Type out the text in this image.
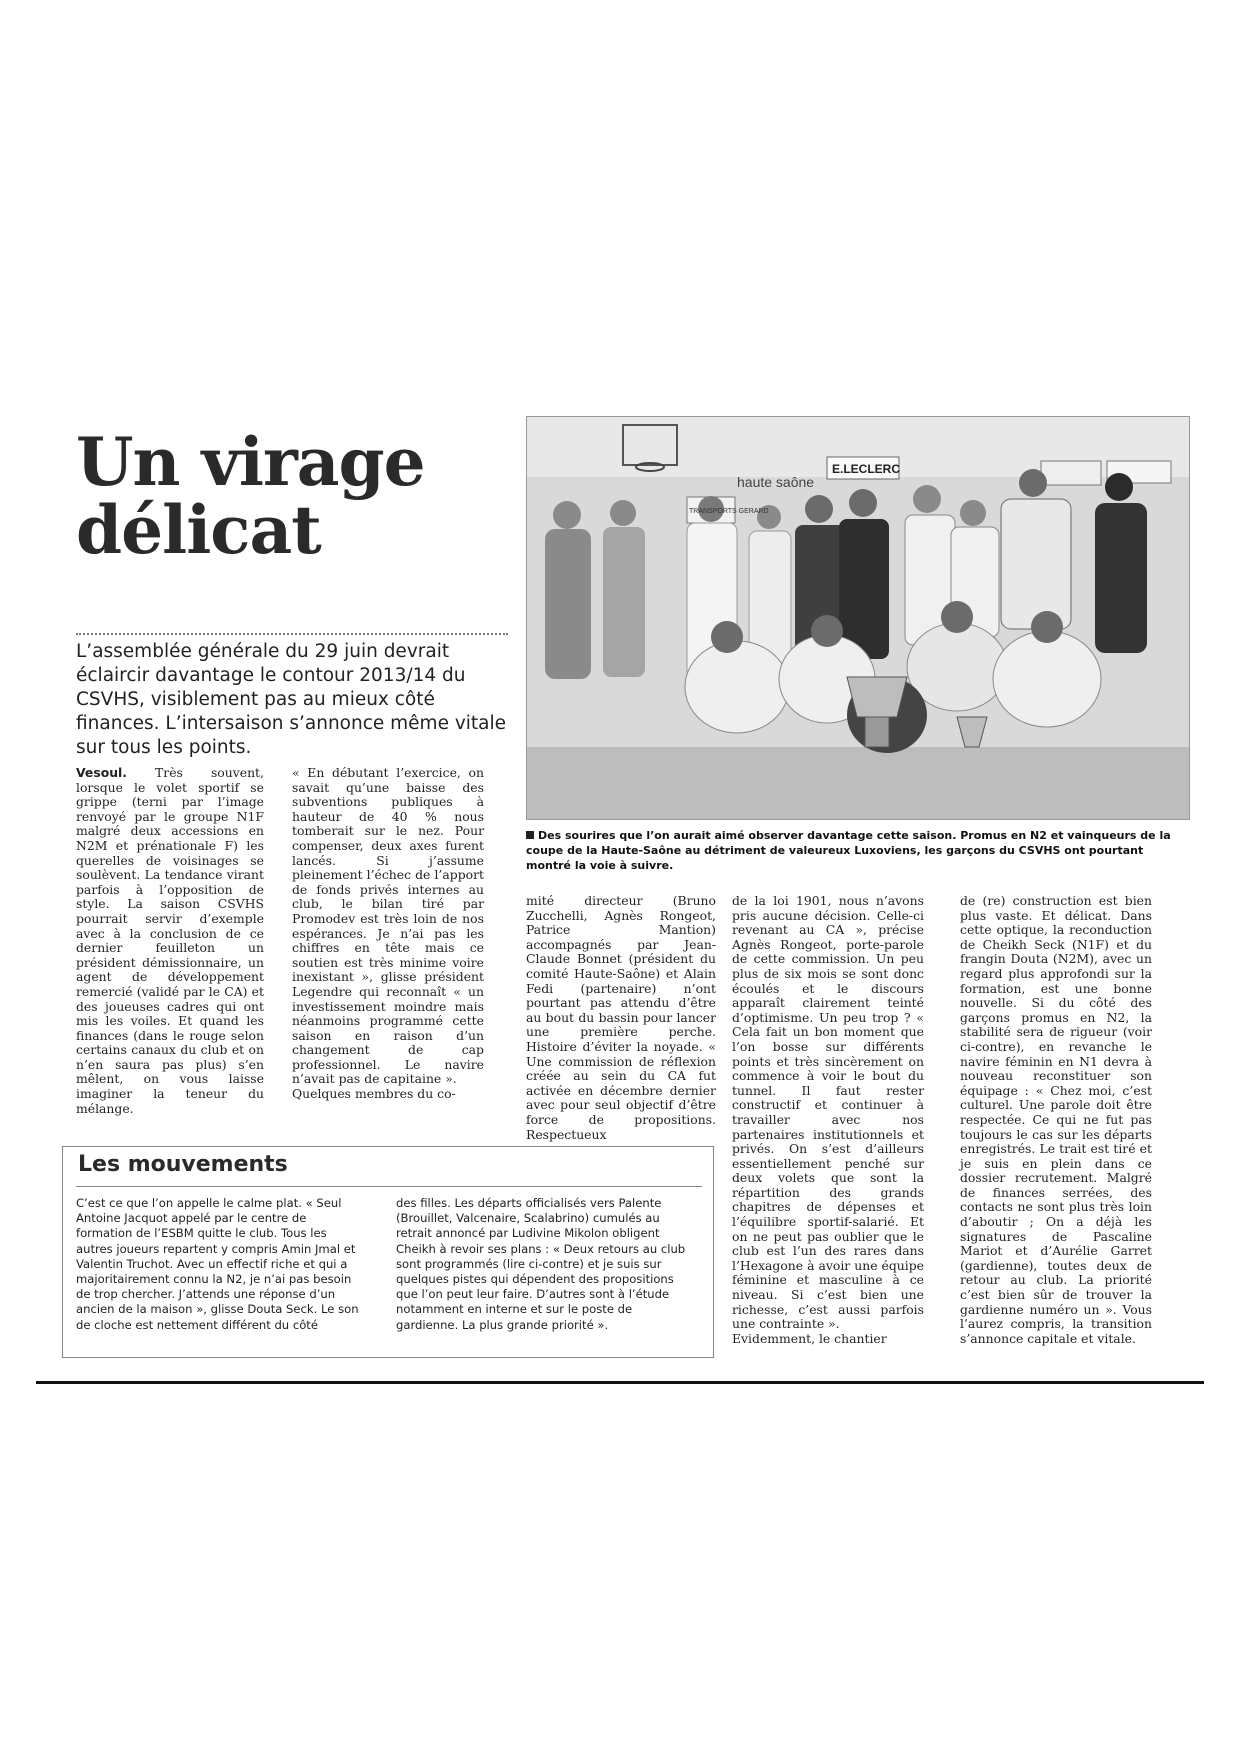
Un virage
délicat
L’assemblée générale du 29 juin devrait éclaircir davantage le contour 2013/14 du CSVHS, visiblement pas au mieux côté finances. L’intersaison s’annonce même vitale sur tous les points.
Vesoul. Très souvent, lorsque le volet sportif se grippe (terni par l’image renvoyé par le groupe N1F malgré deux accessions en N2M et prénationale F) les querelles de voisinages se soulèvent. La tendance virant parfois à l’opposition de style. La saison CSVHS pourrait servir d’exemple avec à la conclusion de ce dernier feuilleton un président démissionnaire, un agent de développement remercié (validé par le CA) et des joueuses cadres qui ont mis les voiles. Et quand les finances (dans le rouge selon certains canaux du club et on n’en saura pas plus) s’en mêlent, on vous laisse imaginer la teneur du mélange.
« En débutant l’exercice, on savait qu’une baisse des subventions publiques à hauteur de 40 % nous tomberait sur le nez. Pour compenser, deux axes furent lancés. Si j’assume pleinement l’échec de l’apport de fonds privés internes au club, le bilan tiré par Promodev est très loin de nos espérances. Je n’ai pas les chiffres en tête mais ce soutien est très minime voire inexistant », glisse président Legendre qui reconnaît « un investissement moindre mais néanmoins programmé cette saison en raison d’un changement de cap professionnel. Le navire n’avait pas de capitaine ».
Quelques membres du co-
E.LECLERC
TRANSPORTS GERARD
haute saône
Des sourires que l’on aurait aimé observer davantage cette saison. Promus en N2 et vainqueurs de la coupe de la Haute-Saône au détriment de valeureux Luxoviens, les garçons du CSVHS ont pourtant montré la voie à suivre.
mité directeur (Bruno Zucchelli, Agnès Rongeot, Patrice Mantion) accompagnés par Jean-Claude Bonnet (président du comité Haute-Saône) et Alain Fedi (partenaire) n’ont pourtant pas attendu d’être au bout du bassin pour lancer une première perche. Histoire d’éviter la noyade. « Une commission de réflexion créée au sein du CA fut activée en décembre dernier avec pour seul objectif d’être force de propositions. Respectueux
de la loi 1901, nous n’avons pris aucune décision. Celle-ci revenant au CA », précise Agnès Rongeot, porte-parole de cette commission. Un peu plus de six mois se sont donc écoulés et le discours apparaît clairement teinté d’optimisme. Un peu trop ? « Cela fait un bon moment que l’on bosse sur différents points et très sincèrement on commence à voir le bout du tunnel. Il faut rester constructif et continuer à travailler avec nos partenaires institutionnels et privés. On s’est d’ailleurs essentiellement penché sur deux volets que sont la répartition des grands chapitres de dépenses et l’équilibre sportif-salarié. Et on ne peut pas oublier que le club est l’un des rares dans l’Hexagone à avoir une équipe féminine et masculine à ce niveau. Si c’est bien une richesse, c’est aussi parfois une contrainte ».
Evidemment, le chantier
de (re) construction est bien plus vaste. Et délicat. Dans cette optique, la reconduction de Cheikh Seck (N1F) et du frangin Douta (N2M), avec un regard plus approfondi sur la formation, est une bonne nouvelle. Si du côté des garçons promus en N2, la stabilité sera de rigueur (voir ci-contre), en revanche le navire féminin en N1 devra à nouveau reconstituer son équipage : « Chez moi, c’est culturel. Une parole doit être respectée. Ce qui ne fut pas toujours le cas sur les départs enregistrés. Le trait est tiré et je suis en plein dans ce dossier recrutement. Malgré de finances serrées, des contacts ne sont plus très loin d’aboutir ; On a déjà les signatures de Pascaline Mariot et d’Aurélie Garret (gardienne), toutes deux de retour au club. La priorité c’est bien sûr de trouver la gardienne numéro un ». Vous l’aurez compris, la transition s’annonce capitale et vitale.
Les mouvements
C’est ce que l’on appelle le calme plat. « Seul Antoine Jacquot appelé par le centre de formation de l’ESBM quitte le club. Tous les autres joueurs repartent y compris Amin Jmal et Valentin Truchot. Avec un effectif riche et qui a majoritairement connu la N2, je n’ai pas besoin de trop chercher. J’attends une réponse d’un ancien de la maison », glisse Douta Seck. Le son de cloche est nettement différent du côté
des filles. Les départs officialisés vers Palente (Brouillet, Valcenaire, Scalabrino) cumulés au retrait annoncé par Ludivine Mikolon obligent Cheikh à revoir ses plans : « Deux retours au club sont programmés (lire ci-contre) et je suis sur quelques pistes qui dépendent des propositions que l’on peut leur faire. D’autres sont à l’étude notamment en interne et sur le poste de gardienne. La plus grande priorité ».
